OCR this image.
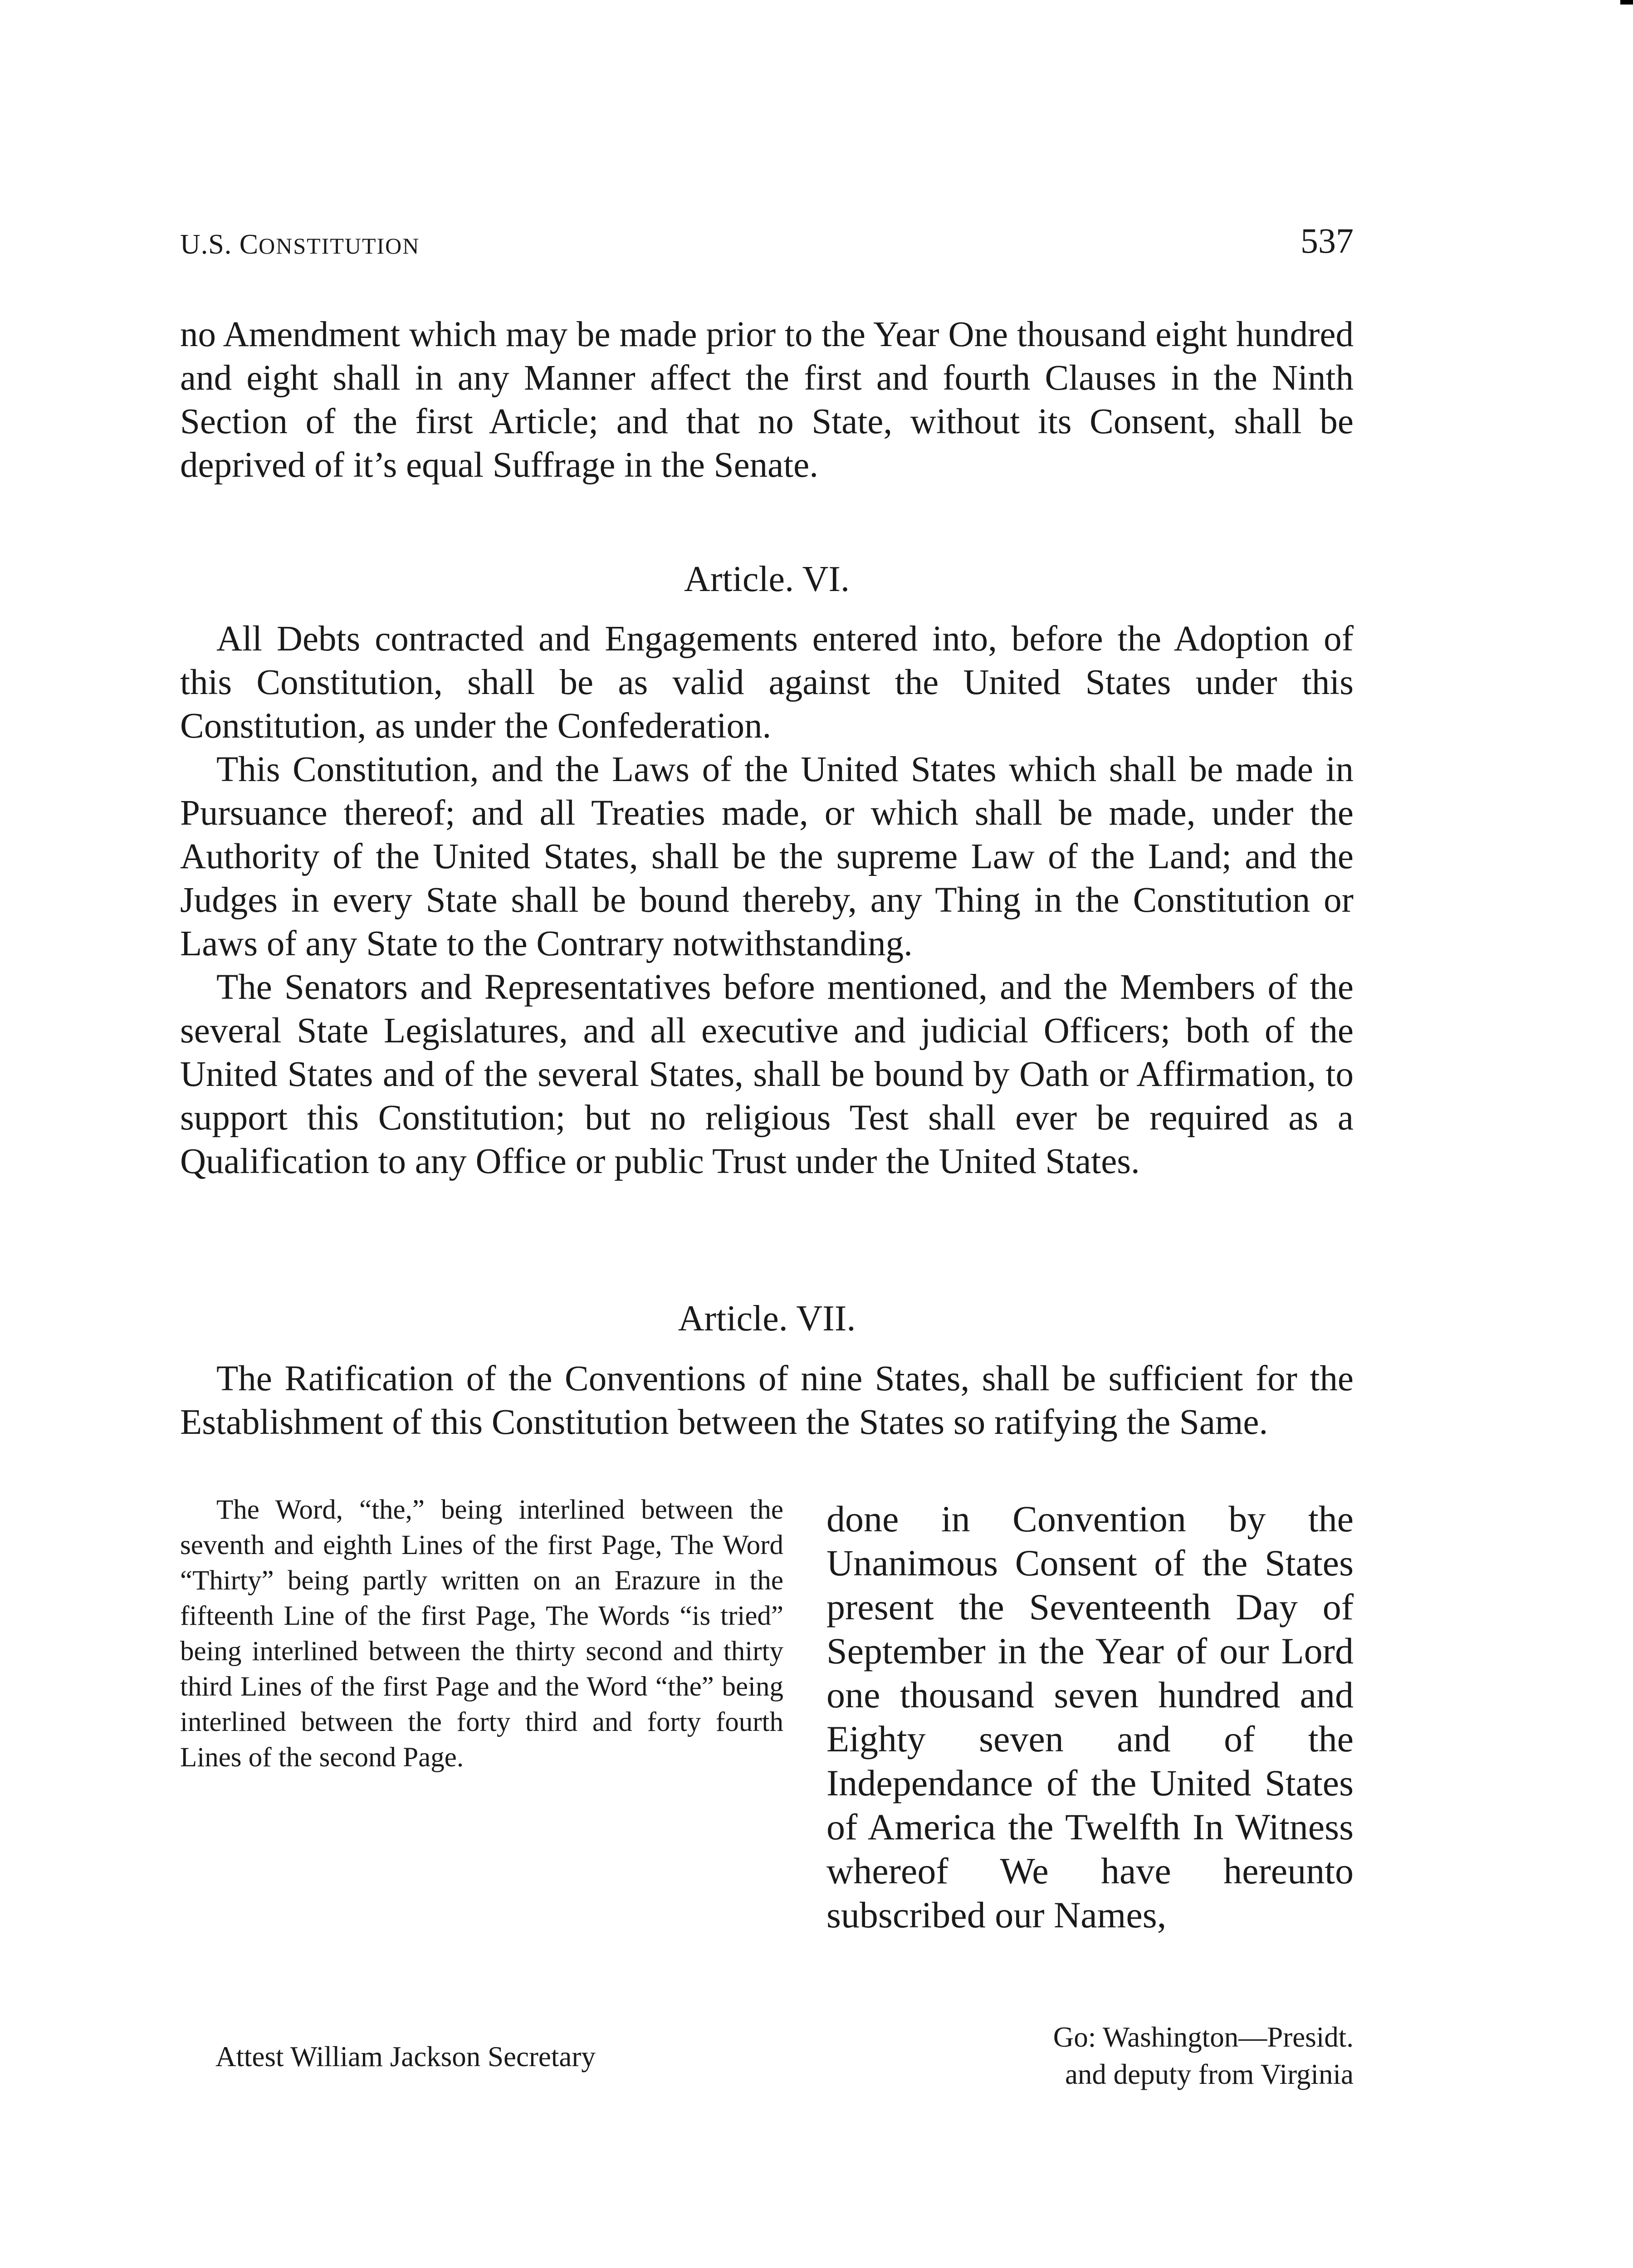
U.S. CONSTITUTION	537

no Amendment which may be made prior to the Year One thousand eight hundred and eight shall in any Manner affect the first and fourth Clauses in the Ninth Section of the first Article; and that no State, without its Consent, shall be deprived of it’s equal Suffrage in the Senate.

Article. VI.

All Debts contracted and Engagements entered into, before the Adoption of this Constitution, shall be as valid against the United States under this Constitution, as under the Confederation.

This Constitution, and the Laws of the United States which shall be made in Pursuance thereof; and all Treaties made, or which shall be made, under the Authority of the United States, shall be the supreme Law of the Land; and the Judges in every State shall be bound thereby, any Thing in the Constitution or Laws of any State to the Contrary notwithstanding.

The Senators and Representatives before mentioned, and the Members of the several State Legislatures, and all executive and judicial Officers; both of the United States and of the several States, shall be bound by Oath or Affirmation, to support this Constitution; but no religious Test shall ever be required as a Qualification to any Office or public Trust under the United States.

Article. VII.

The Ratification of the Conventions of nine States, shall be sufficient for the Establishment of this Constitution between the States so ratifying the Same.

The Word, “the,” being interlined between the seventh and eighth Lines of the first Page, The Word “Thirty” being partly written on an Erazure in the fifteenth Line of the first Page, The Words “is tried” being interlined between the thirty second and thirty third Lines of the first Page and the Word “the” being interlined between the forty third and forty fourth Lines of the second Page.

done in Convention by the Unanimous Consent of the States present the Seventeenth Day of September in the Year of our Lord one thousand seven hundred and Eighty seven and of the Independance of the United States of America the Twelfth In Witness whereof We have hereunto subscribed our Names,

Attest William Jackson Secretary
Go: Washington—Presidt.
and deputy from Virginia
